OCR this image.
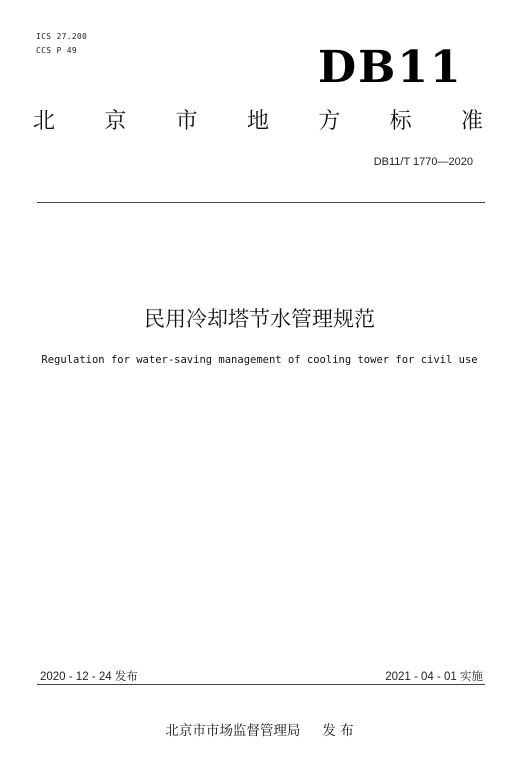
ICS 27.200
CCS P 49	DB11
北 京 市 地 方 标 准
DB11/T 1770—2020
民用冷却塔节水管理规范
Regulation for water-saving management of cooling tower for civil use
2020 - 12 - 24 发布	2021 - 04 - 01 实施
北京市市场监督管理局 发 布
